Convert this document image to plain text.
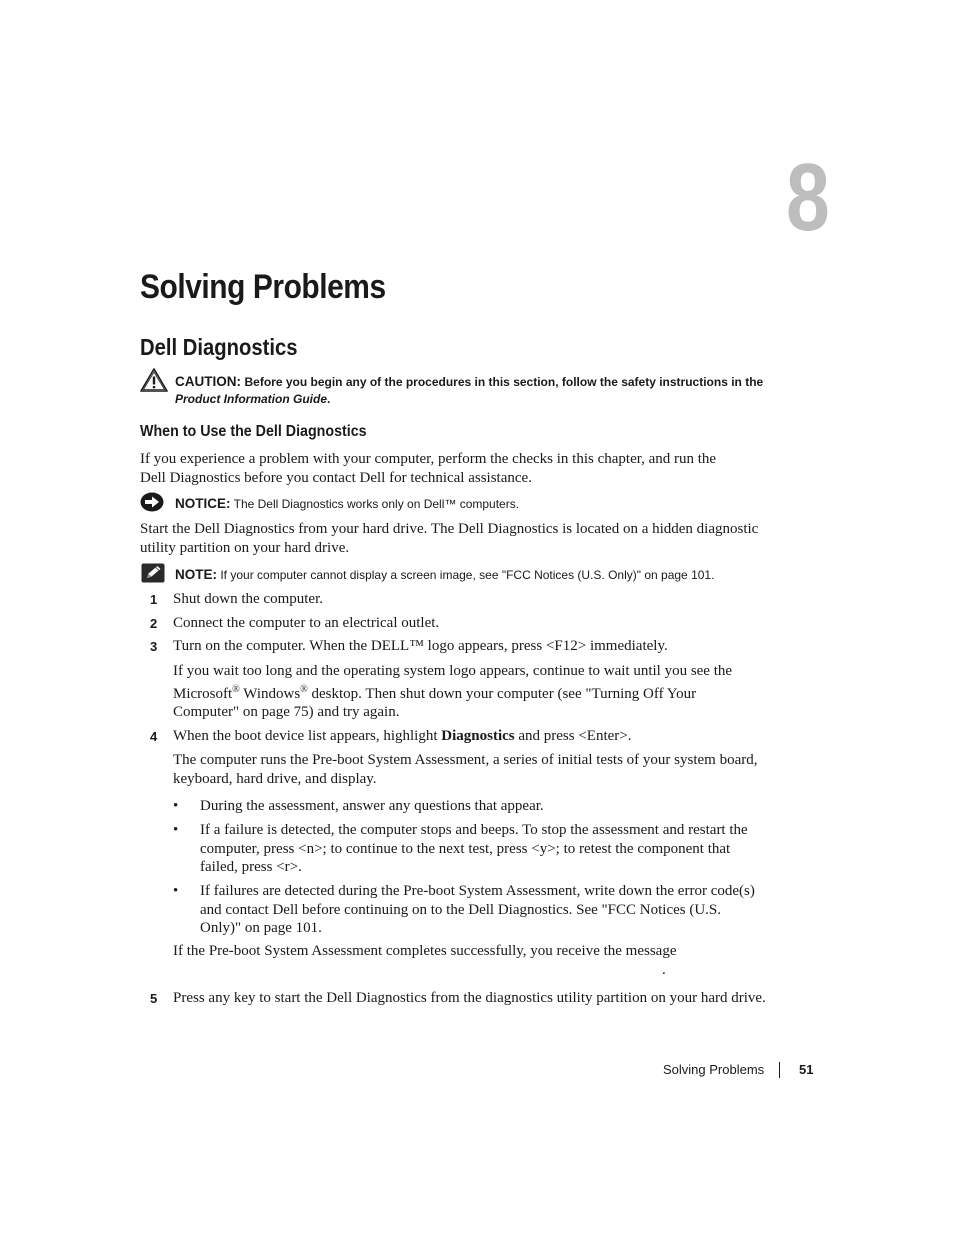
8
Solving Problems
Dell Diagnostics
CAUTION: Before you begin any of the procedures in this section, follow the safety instructions in the
Product Information Guide.
When to Use the Dell Diagnostics
If you experience a problem with your computer, perform the checks in this chapter, and run the
Dell Diagnostics before you contact Dell for technical assistance.
NOTICE: The Dell Diagnostics works only on Dell™ computers.
Start the Dell Diagnostics from your hard drive. The Dell Diagnostics is located on a hidden diagnostic
utility partition on your hard drive.
NOTE: If your computer cannot display a screen image, see "FCC Notices (U.S. Only)" on page 101.
1	Shut down the computer.
2	Connect the computer to an electrical outlet.
3	Turn on the computer. When the DELL™ logo appears, press <F12> immediately.
If you wait too long and the operating system logo appears, continue to wait until you see the
Microsoft® Windows® desktop. Then shut down your computer (see "Turning Off Your
Computer" on page 75) and try again.
4	When the boot device list appears, highlight Diagnostics and press <Enter>.
The computer runs the Pre-boot System Assessment, a series of initial tests of your system board,
keyboard, hard drive, and display.
• During the assessment, answer any questions that appear.
• If a failure is detected, the computer stops and beeps. To stop the assessment and restart the
computer, press <n>; to continue to the next test, press <y>; to retest the component that
failed, press <r>.
• If failures are detected during the Pre-boot System Assessment, write down the error code(s)
and contact Dell before continuing on to the Dell Diagnostics. See "FCC Notices (U.S.
Only)" on page 101.
If the Pre-boot System Assessment completes successfully, you receive the message
.
5	Press any key to start the Dell Diagnostics from the diagnostics utility partition on your hard drive.
Solving Problems	51
